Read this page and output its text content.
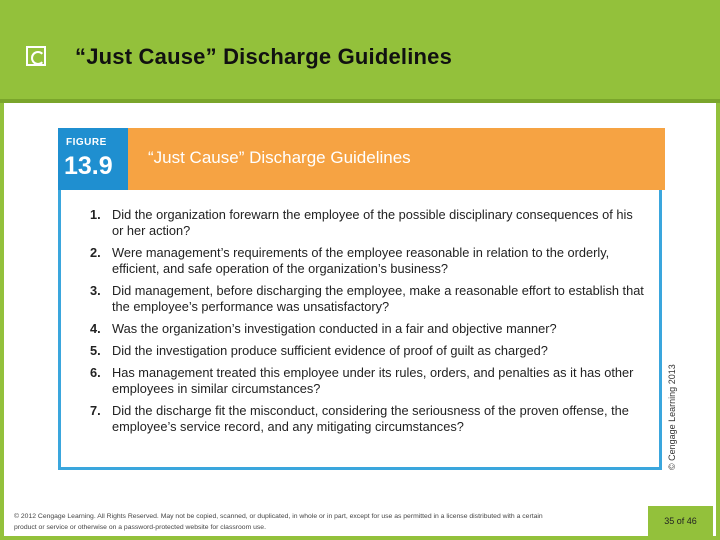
“Just Cause” Discharge Guidelines
FIGURE
13.9 “Just Cause” Discharge Guidelines
1. Did the organization forewarn the employee of the possible disciplinary consequences of his or her action?
2. Were management’s requirements of the employee reasonable in relation to the orderly, efficient, and safe operation of the organization’s business?
3. Did management, before discharging the employee, make a reasonable effort to establish that the employee’s performance was unsatisfactory?
4. Was the organization’s investigation conducted in a fair and objective manner?
5. Did the investigation produce sufficient evidence of proof of guilt as charged?
6. Has management treated this employee under its rules, orders, and penalties as it has other employees in similar circumstances?
7. Did the discharge fit the misconduct, considering the seriousness of the proven offense, the employee’s service record, and any mitigating circumstances?	© Cengage Learning 2013
© 2012 Cengage Learning. All Rights Reserved. May not be copied, scanned, or duplicated, in whole or in part, except for use as permitted in a license distributed with a certain product or service or otherwise on a password-protected website for classroom use.
35
of
46
